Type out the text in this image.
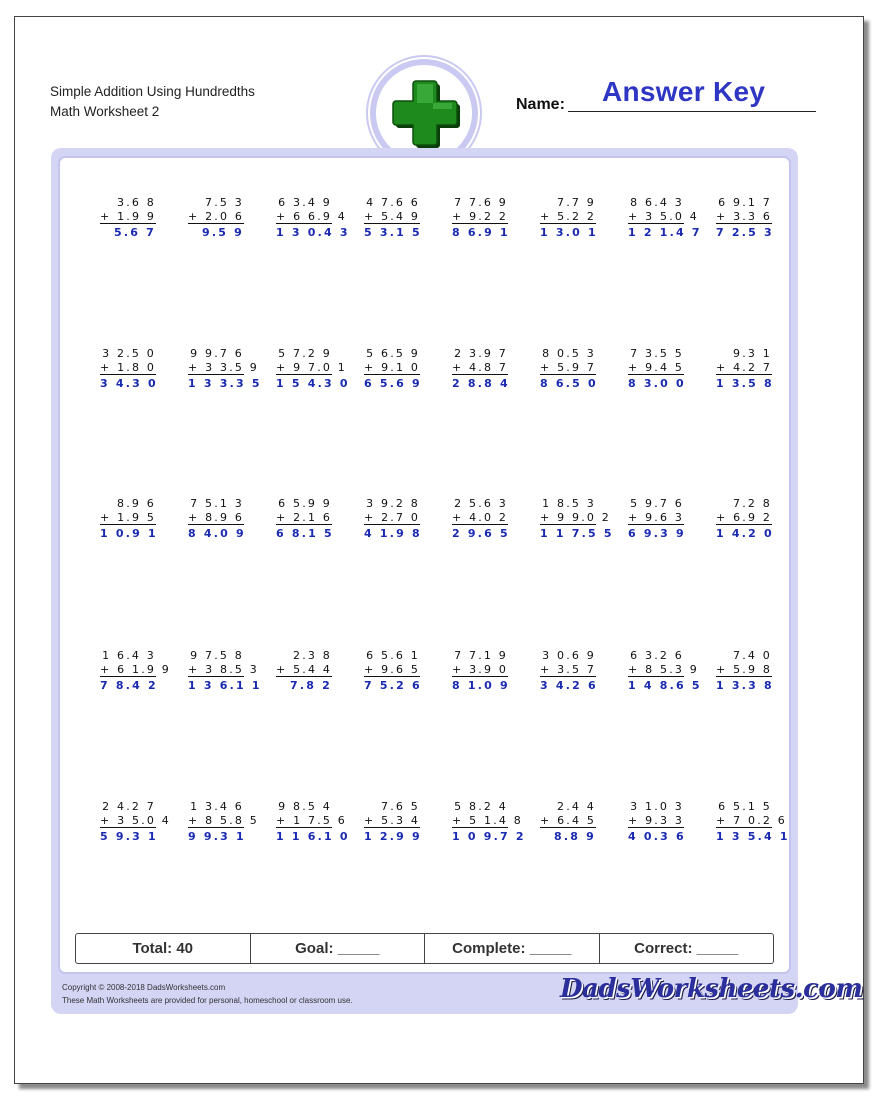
Simple Addition Using Hundredths
Math Worksheet 2
Answer Key
Name:
3.6 8
+ 1.9 9
5.6 7
7.5 3
+ 2.0 6
9.5 9
6 3.4 9
+ 6 6.9 4
1 3 0.4 3
4 7.6 6
+ 5.4 9
5 3.1 5
7 7.6 9
+ 9.2 2
8 6.9 1
7.7 9
+ 5.2 2
1 3.0 1
8 6.4 3
+ 3 5.0 4
1 2 1.4 7
6 9.1 7
+ 3.3 6
7 2.5 3
3 2.5 0
+ 1.8 0
3 4.3 0
9 9.7 6
+ 3 3.5 9
1 3 3.3 5
5 7.2 9
+ 9 7.0 1
1 5 4.3 0
5 6.5 9
+ 9.1 0
6 5.6 9
2 3.9 7
+ 4.8 7
2 8.8 4
8 0.5 3
+ 5.9 7
8 6.5 0
7 3.5 5
+ 9.4 5
8 3.0 0
9.3 1
+ 4.2 7
1 3.5 8
8.9 6
+ 1.9 5
1 0.9 1
7 5.1 3
+ 8.9 6
8 4.0 9
6 5.9 9
+ 2.1 6
6 8.1 5
3 9.2 8
+ 2.7 0
4 1.9 8
2 5.6 3
+ 4.0 2
2 9.6 5
1 8.5 3
+ 9 9.0 2
1 1 7.5 5
5 9.7 6
+ 9.6 3
6 9.3 9
7.2 8
+ 6.9 2
1 4.2 0
1 6.4 3
+ 6 1.9 9
7 8.4 2
9 7.5 8
+ 3 8.5 3
1 3 6.1 1
2.3 8
+ 5.4 4
7.8 2
6 5.6 1
+ 9.6 5
7 5.2 6
7 7.1 9
+ 3.9 0
8 1.0 9
3 0.6 9
+ 3.5 7
3 4.2 6
6 3.2 6
+ 8 5.3 9
1 4 8.6 5
7.4 0
+ 5.9 8
1 3.3 8
2 4.2 7
+ 3 5.0 4
5 9.3 1
1 3.4 6
+ 8 5.8 5
9 9.3 1
9 8.5 4
+ 1 7.5 6
1 1 6.1 0
7.6 5
+ 5.3 4
1 2.9 9
5 8.2 4
+ 5 1.4 8
1 0 9.7 2
2.4 4
+ 6.4 5
8.8 9
3 1.0 3
+ 9.3 3
4 0.3 6
6 5.1 5
+ 7 0.2 6
1 3 5.4 1
Total: 40	Goal: _____	Complete: _____	Correct: _____
Copyright © 2008-2018 DadsWorksheets.com
These Math Worksheets are provided for personal, homeschool or classroom use.	DadsWorksheets.com
